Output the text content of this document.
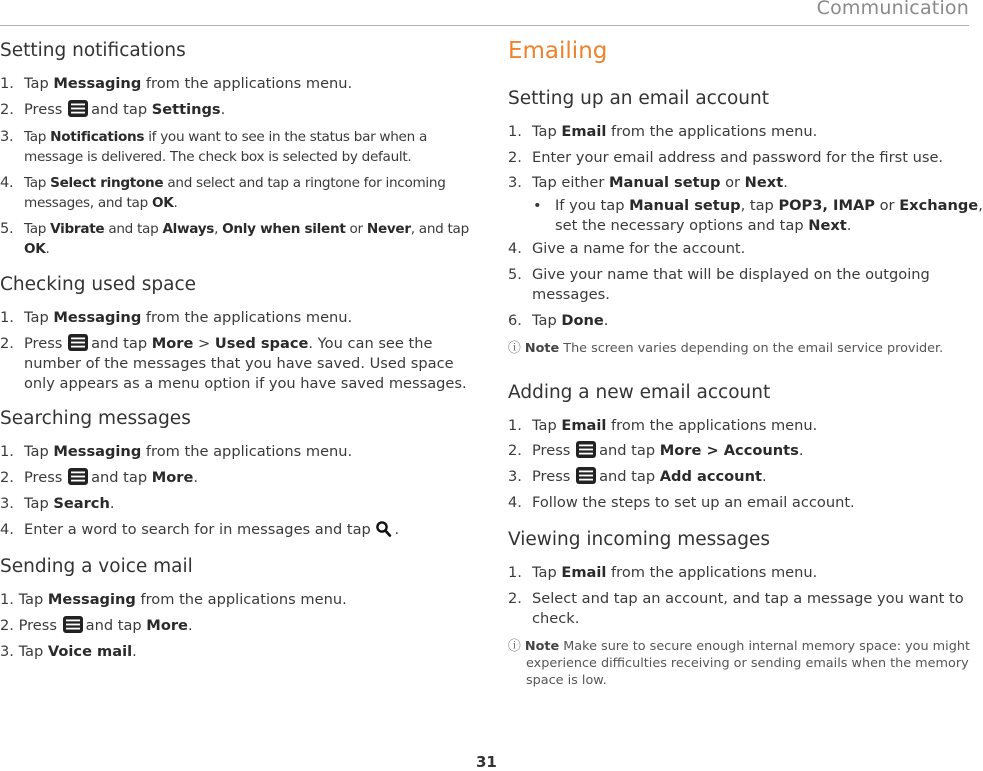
Communication
Setting notifications
1. Tap Messaging from the applications menu.
2. Press and tap Settings.
3. Tap Notifications if you want to see in the status bar when a
message is delivered. The check box is selected by default.
4. Tap Select ringtone and select and tap a ringtone for incoming
messages, and tap OK.
5. Tap Vibrate and tap Always, Only when silent or Never, and tap
OK.
Checking used space
1. Tap Messaging from the applications menu.
2. Press and tap More > Used space. You can see the
number of the messages that you have saved. Used space
only appears as a menu option if you have saved messages.
Searching messages
1. Tap Messaging from the applications menu.
2. Press and tap More.
3. Tap Search.
4. Enter a word to search for in messages and tap .
Sending a voice mail
1. Tap Messaging from the applications menu.
2. Press and tap More.
3. Tap Voice mail.
Emailing
Setting up an email account
1. Tap Email from the applications menu.
2. Enter your email address and password for the first use.
3. Tap either Manual setup or Next.
• If you tap Manual setup, tap POP3, IMAP or Exchange,
set the necessary options and tap Next.
4. Give a name for the account.
5. Give your name that will be displayed on the outgoing
messages.
6. Tap Done.
ⓘ Note The screen varies depending on the email service provider.
Adding a new email account
1. Tap Email from the applications menu.
2. Press and tap More > Accounts.
3. Press and tap Add account.
4. Follow the steps to set up an email account.
Viewing incoming messages
1. Tap Email from the applications menu.
2. Select and tap an account, and tap a message you want to
check.
ⓘ Note Make sure to secure enough internal memory space: you might
experience difficulties receiving or sending emails when the memory
space is low.
31
